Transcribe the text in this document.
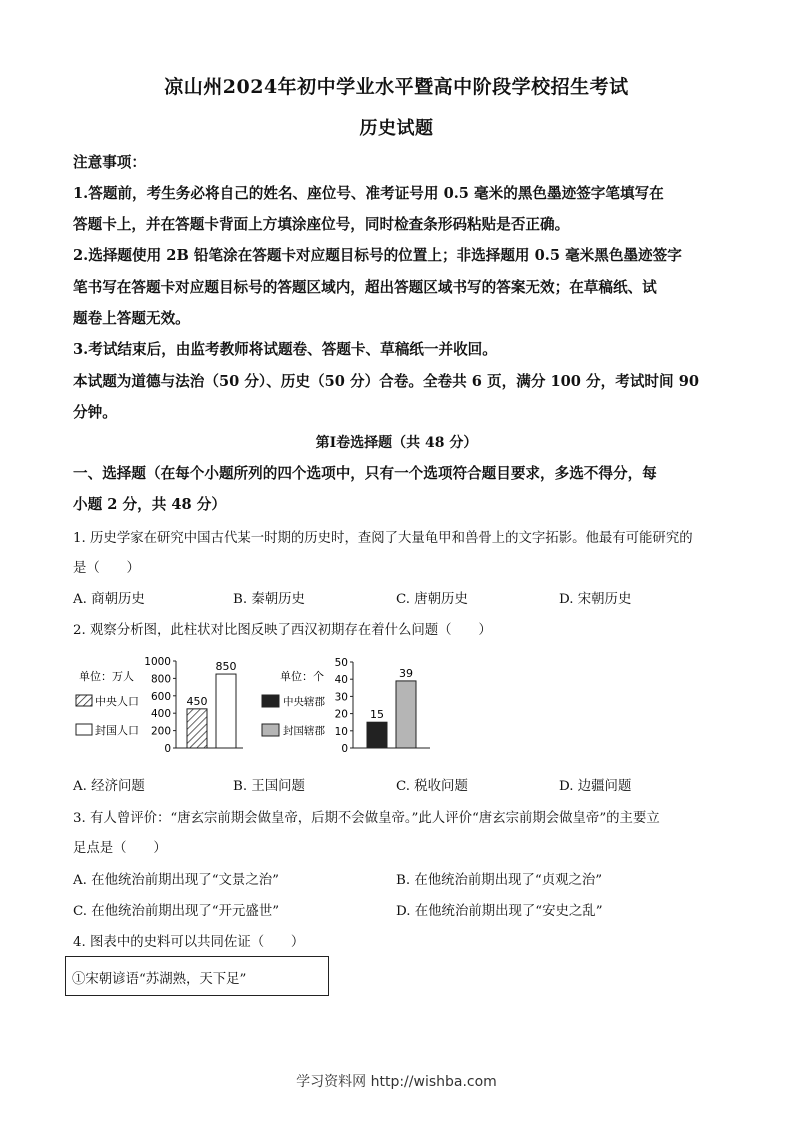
凉山州2024年初中学业水平暨高中阶段学校招生考试
历史试题
注意事项：
1.答题前，考生务必将自己的姓名、座位号、准考证号用 0.5 毫米的黑色墨迹签字笔填写在
答题卡上，并在答题卡背面上方填涂座位号，同时检查条形码粘贴是否正确。
2.选择题使用 2B 铅笔涂在答题卡对应题目标号的位置上；非选择题用 0.5 毫米黑色墨迹签字
笔书写在答题卡对应题目标号的答题区域内，超出答题区域书写的答案无效；在草稿纸、试
题卷上答题无效。
3.考试结束后，由监考教师将试题卷、答题卡、草稿纸一并收回。
本试题为道德与法治（50 分）、历史（50 分）合卷。全卷共 6 页，满分 100 分，考试时间 90
分钟。
第Ⅰ卷选择题（共 48 分）
一、选择题（在每个小题所列的四个选项中，只有一个选项符合题目要求，多选不得分，每
小题 2 分，共 48 分）
1. 历史学家在研究中国古代某一时期的历史时，查阅了大量龟甲和兽骨上的文字拓影。他最有可能研究的
是（　　）
A. 商朝历史	B. 秦朝历史	C. 唐朝历史	D. 宋朝历史
2. 观察分析图，此柱状对比图反映了西汉初期存在着什么问题（　　）
单位：万人
中央人口
封国人口
0
200
400
600
800
1000
450
850
单位：个
中央辖郡
封国辖郡
0
10
20
30
40
50
15
39
A. 经济问题	B. 王国问题	C. 税收问题	D. 边疆问题
3. 有人曾评价：“唐玄宗前期会做皇帝，后期不会做皇帝。”此人评价“唐玄宗前期会做皇帝”的主要立
足点是（　　）
A. 在他统治前期出现了“文景之治”	B. 在他统治前期出现了“贞观之治”
C. 在他统治前期出现了“开元盛世”	D. 在他统治前期出现了“安史之乱”
4. 图表中的史料可以共同佐证（　　）
①宋朝谚语“苏湖熟，天下足”
学习资料网 http://wishba.com
